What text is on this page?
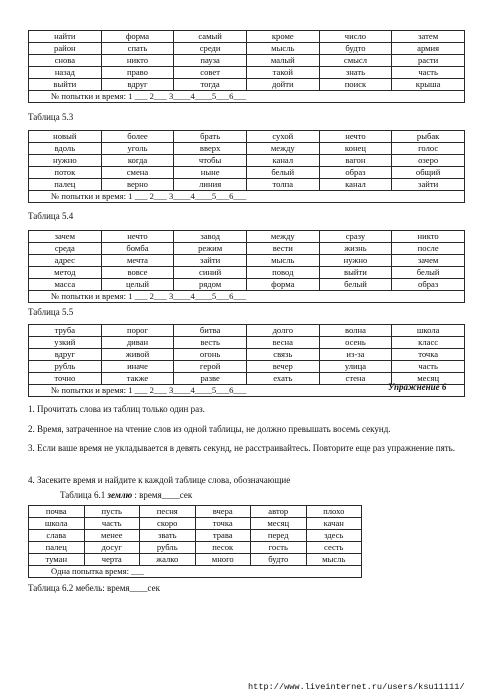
найти	форма	самый	кроме	число	затем
район	спать	среди	мысль	будто	армия
снова	никто	пауза	малый	смысл	расти
назад	право	совет	такой	знать	часть
выйти	вдруг	тогда	дойти	поиск	крыша
№ попытки и время: 1 ___ 2___ 3____4____5___6___					
Таблица 5.3
новый	более	брать	сухой	нечто	рыбак
вдоль	уголь	вверх	между	конец	голос
нужно	когда	чтобы	канал	вагон	озеро
поток	смена	ныне	белый	образ	общий
палец	верно	линия	толпа	канал	зайти
№ попытки и время: 1 ___ 2___ 3____4____5___6___					
Таблица 5.4
зачем	нечто	завод	между	сразу	никто
среда	бомба	режим	вести	жизнь	после
адрес	мечта	зайти	мысль	нужно	зачем
метод	вовсе	синий	повод	выйти	белый
масса	целый	рядом	форма	белый	образ
№ попытки и время: 1 ___ 2___ 3____4____5___6___					
Таблица 5.5
труба	порог	битва	долго	волна	школа
узкий	диван	весть	весна	осень	класс
вдруг	живой	огонь	связь	из-за	точка
рубль	иначе	герой	вечер	улица	часть
точно	также	разве	ехать	стена	месяц
№ попытки и время: 1 ___ 2___ 3____4____5___6___						Упражнение 6
1. Прочитать слова из таблиц только один раз.
2. Время, затраченное на чтение слов из одной таблицы, не должно превышать восемь секунд.
3. Если ваше время не укладывается в девять секунд, не расстраивайтесь. Повторите еще раз упражнение пять.
4. Засеките время и найдите к каждой таблице слова, обозначающие
Таблица 6.1 землю : время____сек
почва	пусть	песня	вчера	автор	плохо
школа	часть	скоро	точка	месяц	качан
слава	менее	звать	трава	перед	здесь
палец	досуг	рубль	песок	гость	сесть
туман	черта	жалко	много	будто	мысль
Одна попытка время: ___					
Таблица 6.2 мебель: время____сек
http://www.liveinternet.ru/users/ksu11111/
